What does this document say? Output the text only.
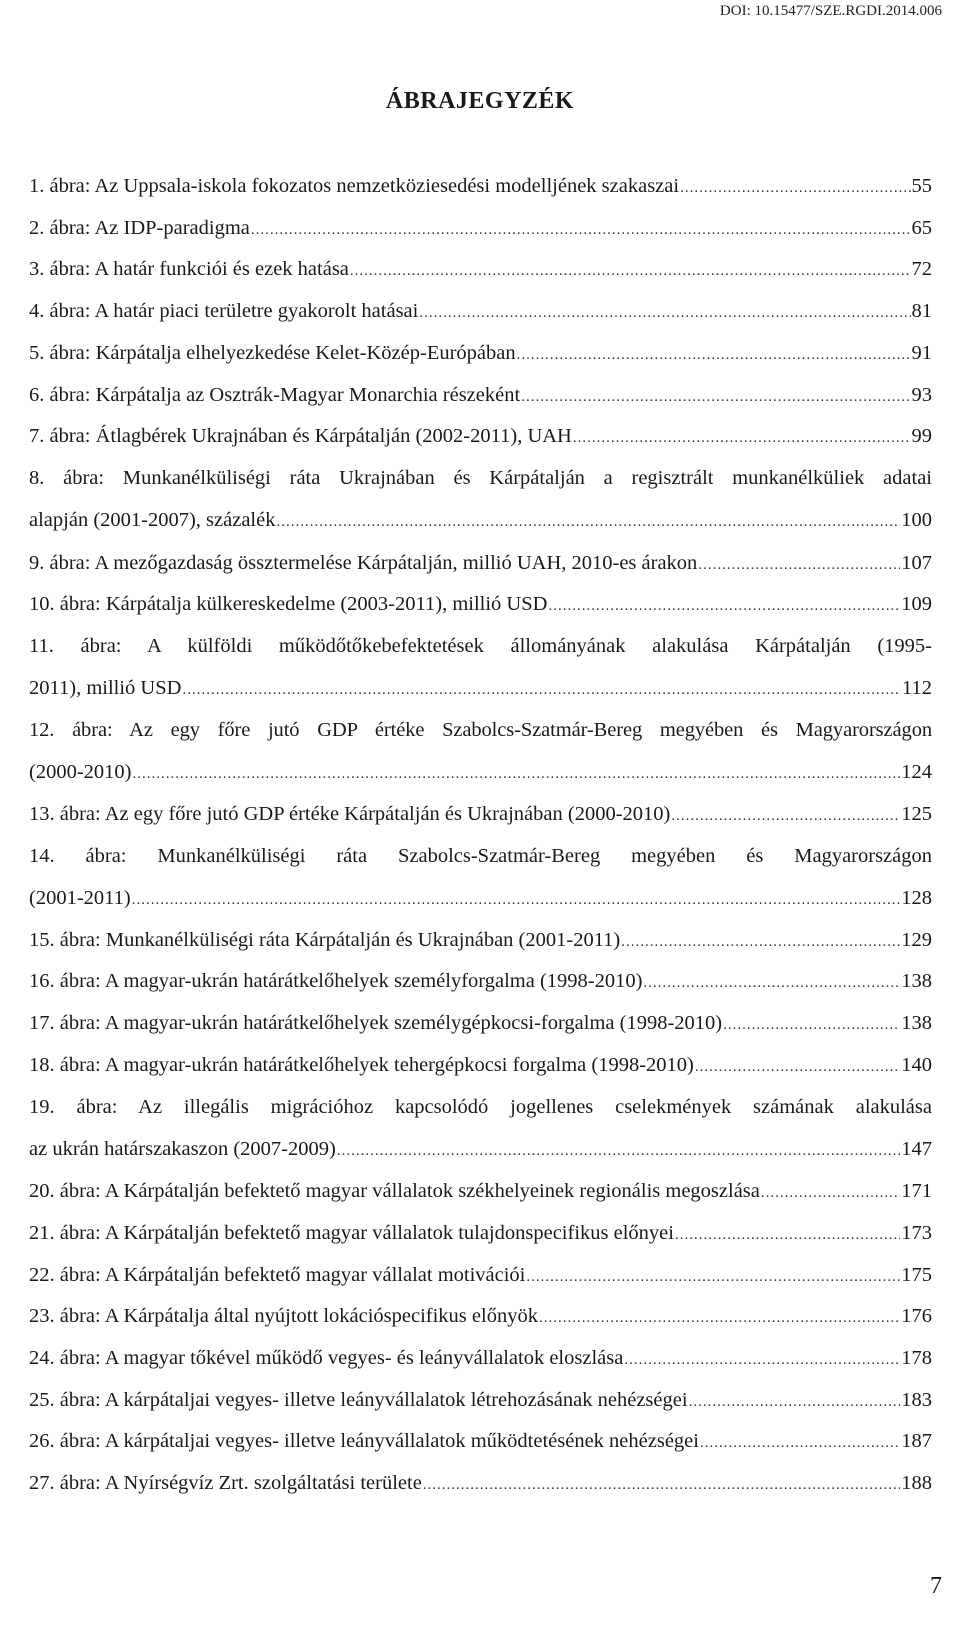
DOI: 10.15477/SZE.RGDI.2014.006
ÁBRAJEGYZÉK
1. ábra: Az Uppsala-iskola fokozatos nemzetköziesedési modelljének szakaszai .....	55
2. ábra: Az IDP-paradigma .....	65
3. ábra: A határ funkciói és ezek hatása .....	72
4. ábra: A határ piaci területre gyakorolt hatásai .....	81
5. ábra: Kárpátalja elhelyezkedése Kelet-Közép-Európában .....	91
6. ábra: Kárpátalja az Osztrák-Magyar Monarchia részeként .....	93
7. ábra: Átlagbérek Ukrajnában és Kárpátalján (2002-2011), UAH .....	99
8. ábra: Munkanélküliségi ráta Ukrajnában és Kárpátalján a regisztrált munkanélküliek adatai
alapján (2001-2007), százalék .....	100
9. ábra: A mezőgazdaság össztermelése Kárpátalján, millió UAH, 2010-es árakon .....	107
10. ábra: Kárpátalja külkereskedelme (2003-2011), millió USD .....	109
11. ábra: A külföldi működőtőkebefektetések állományának alakulása Kárpátalján (1995-
2011), millió USD .....	112
12. ábra: Az egy főre jutó GDP értéke Szabolcs-Szatmár-Bereg megyében és Magyarországon
(2000-2010) .....	124
13. ábra: Az egy főre jutó GDP értéke Kárpátalján és Ukrajnában (2000-2010) .....	125
14. ábra: Munkanélküliségi ráta Szabolcs-Szatmár-Bereg megyében és Magyarországon
(2001-2011) .....	128
15. ábra: Munkanélküliségi ráta Kárpátalján és Ukrajnában (2001-2011) .....	129
16. ábra: A magyar-ukrán határátkelőhelyek személyforgalma (1998-2010) .....	138
17. ábra: A magyar-ukrán határátkelőhelyek személygépkocsi-forgalma (1998-2010) .....	138
18. ábra: A magyar-ukrán határátkelőhelyek tehergépkocsi forgalma (1998-2010) .....	140
19. ábra: Az illegális migrációhoz kapcsolódó jogellenes cselekmények számának alakulása
az ukrán határszakaszon (2007-2009) .....	147
20. ábra: A Kárpátalján befektető magyar vállalatok székhelyeinek regionális megoszlása .....	171
21. ábra: A Kárpátalján befektető magyar vállalatok tulajdonspecifikus előnyei .....	173
22. ábra: A Kárpátalján befektető magyar vállalat motivációi .....	175
23. ábra: A Kárpátalja által nyújtott lokációspecifikus előnyök .....	176
24. ábra: A magyar tőkével működő vegyes- és leányvállalatok eloszlása .....	178
25. ábra: A kárpátaljai vegyes- illetve leányvállalatok létrehozásának nehézségei .....	183
26. ábra: A kárpátaljai vegyes- illetve leányvállalatok működtetésének nehézségei .....	187
27. ábra: A Nyírségvíz Zrt. szolgáltatási területe .....	188
7
